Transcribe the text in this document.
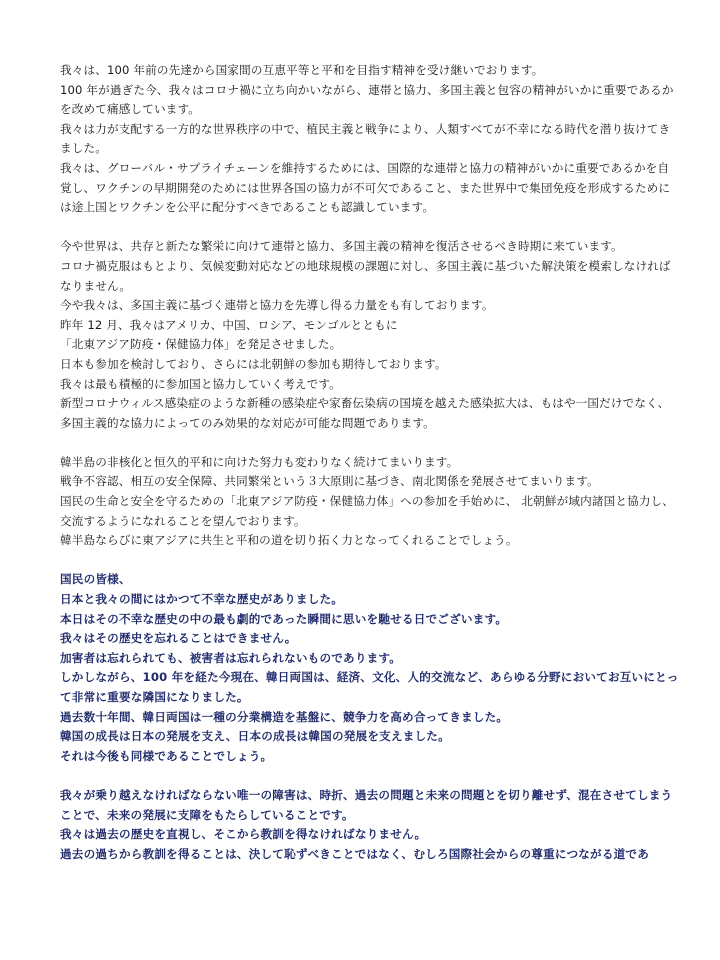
我々は、100 年前の先達から国家間の互恵平等と平和を目指す精神を受け継いでおります。

100 年が過ぎた今、我々はコロナ禍に立ち向かいながら、連帯と協力、多国主義と包容の精神がいかに重要であるかを改めて痛感しています。

我々は力が支配する一方的な世界秩序の中で、植民主義と戦争により、人類すべてが不幸になる時代を潜り抜けてきました。

我々は、グローバル・サプライチェーンを維持するためには、国際的な連帯と協力の精神がいかに重要であるかを自覚し、ワクチンの早期開発のためには世界各国の協力が不可欠であること、また世界中で集団免疫を形成するためには途上国とワクチンを公平に配分すべきであることも認識しています。

今や世界は、共存と新たな繁栄に向けて連帯と協力、多国主義の精神を復活させるべき時期に来ています。

コロナ禍克服はもとより、気候変動対応などの地球規模の課題に対し、多国主義に基づいた解決策を模索しなければなりません。

今や我々は、多国主義に基づく連帯と協力を先導し得る力量をも有しております。

昨年 12 月、我々はアメリカ、中国、ロシア、モンゴルとともに

「北東アジア防疫・保健協力体」を発足させました。

日本も参加を検討しており、さらには北朝鮮の参加も期待しております。

我々は最も積極的に参加国と協力していく考えです。

新型コロナウィルス感染症のような新種の感染症や家畜伝染病の国境を越えた感染拡大は、もはや一国だけでなく、多国主義的な協力によってのみ効果的な対応が可能な問題であります。

韓半島の非核化と恒久的平和に向けた努力も変わりなく続けてまいります。

戦争不容認、相互の安全保障、共同繁栄という３大原則に基づき、南北関係を発展させてまいります。

国民の生命と安全を守るための「北東アジア防疫・保健協力体」への参加を手始めに、 北朝鮮が域内諸国と協力し、交流するようになれることを望んでおります。

韓半島ならびに東アジアに共生と平和の道を切り拓く力となってくれることでしょう。

国民の皆様、

日本と我々の間にはかつて不幸な歴史がありました。

本日はその不幸な歴史の中の最も劇的であった瞬間に思いを馳せる日でございます。

我々はその歴史を忘れることはできません。

加害者は忘れられても、被害者は忘れられないものであります。

しかしながら、100 年を経た今現在、韓日両国は、経済、文化、人的交流など、あらゆる分野においてお互いにとって非常に重要な隣国になりました。

過去数十年間、韓日両国は一種の分業構造を基盤に、競争力を高め合ってきました。

韓国の成長は日本の発展を支え、日本の成長は韓国の発展を支えました。

それは今後も同様であることでしょう。

我々が乗り越えなければならない唯一の障害は、時折、過去の問題と未来の問題とを切り離せず、混在させてしまうことで、未来の発展に支障をもたらしていることです。

我々は過去の歴史を直視し、そこから教訓を得なければなりません。

過去の過ちから教訓を得ることは、決して恥ずべきことではなく、むしろ国際社会からの尊重につながる道であ
